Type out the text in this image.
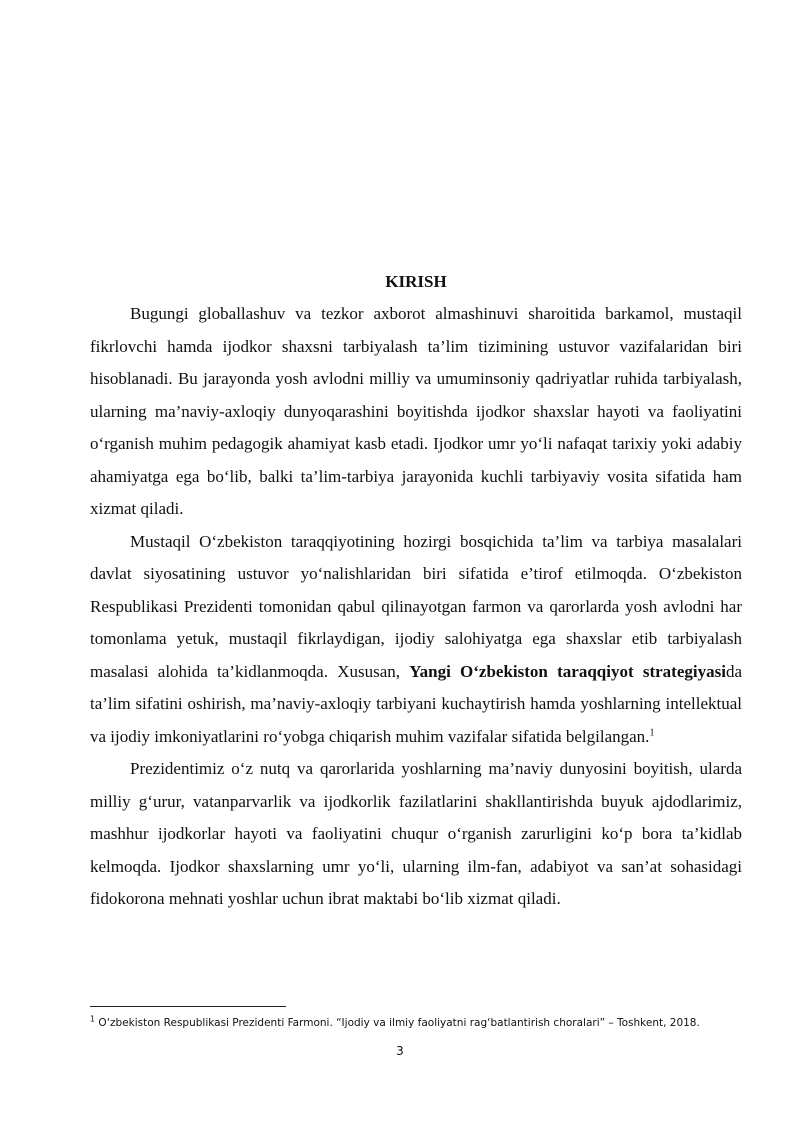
KIRISH

Bugungi globallashuv va tezkor axborot almashinuvi sharoitida barkamol, mustaqil fikrlovchi hamda ijodkor shaxsni tarbiyalash ta’lim tizimining ustuvor vazifalaridan biri hisoblanadi. Bu jarayonda yosh avlodni milliy va umuminsoniy qadriyatlar ruhida tarbiyalash, ularning ma’naviy-axloqiy dunyoqarashini boyitishda ijodkor shaxslar hayoti va faoliyatini o‘rganish muhim pedagogik ahamiyat kasb etadi. Ijodkor umr yo‘li nafaqat tarixiy yoki adabiy ahamiyatga ega bo‘lib, balki ta’lim-tarbiya jarayonida kuchli tarbiyaviy vosita sifatida ham xizmat qiladi.

Mustaqil O‘zbekiston taraqqiyotining hozirgi bosqichida ta’lim va tarbiya masalalari davlat siyosatining ustuvor yo‘nalishlaridan biri sifatida e’tirof etilmoqda. O‘zbekiston Respublikasi Prezidenti tomonidan qabul qilinayotgan farmon va qarorlarda yosh avlodni har tomonlama yetuk, mustaqil fikrlaydigan, ijodiy salohiyatga ega shaxslar etib tarbiyalash masalasi alohida ta’kidlanmoqda. Xususan, Yangi O‘zbekiston taraqqiyot strategiyasida ta’lim sifatini oshirish, ma’naviy-axloqiy tarbiyani kuchaytirish hamda yoshlarning intellektual va ijodiy imkoniyatlarini ro‘yobga chiqarish muhim vazifalar sifatida belgilangan.$^1$

Prezidentimiz o‘z nutq va qarorlarida yoshlarning ma’naviy dunyosini boyitish, ularda milliy g‘urur, vatanparvarlik va ijodkorlik fazilatlarini shakllantirishda buyuk ajdodlarimiz, mashhur ijodkorlar hayoti va faoliyatini chuqur o‘rganish zarurligini ko‘p bora ta’kidlab kelmoqda. Ijodkor shaxslarning umr yo‘li, ularning ilm-fan, adabiyot va san’at sohasidagi fidokorona mehnati yoshlar uchun ibrat maktabi bo‘lib xizmat qiladi.

$^1$ O‘zbekiston Respublikasi Prezidenti Farmoni. “Ijodiy va ilmiy faoliyatni rag‘batlantirish choralari” – Toshkent, 2018.
3
